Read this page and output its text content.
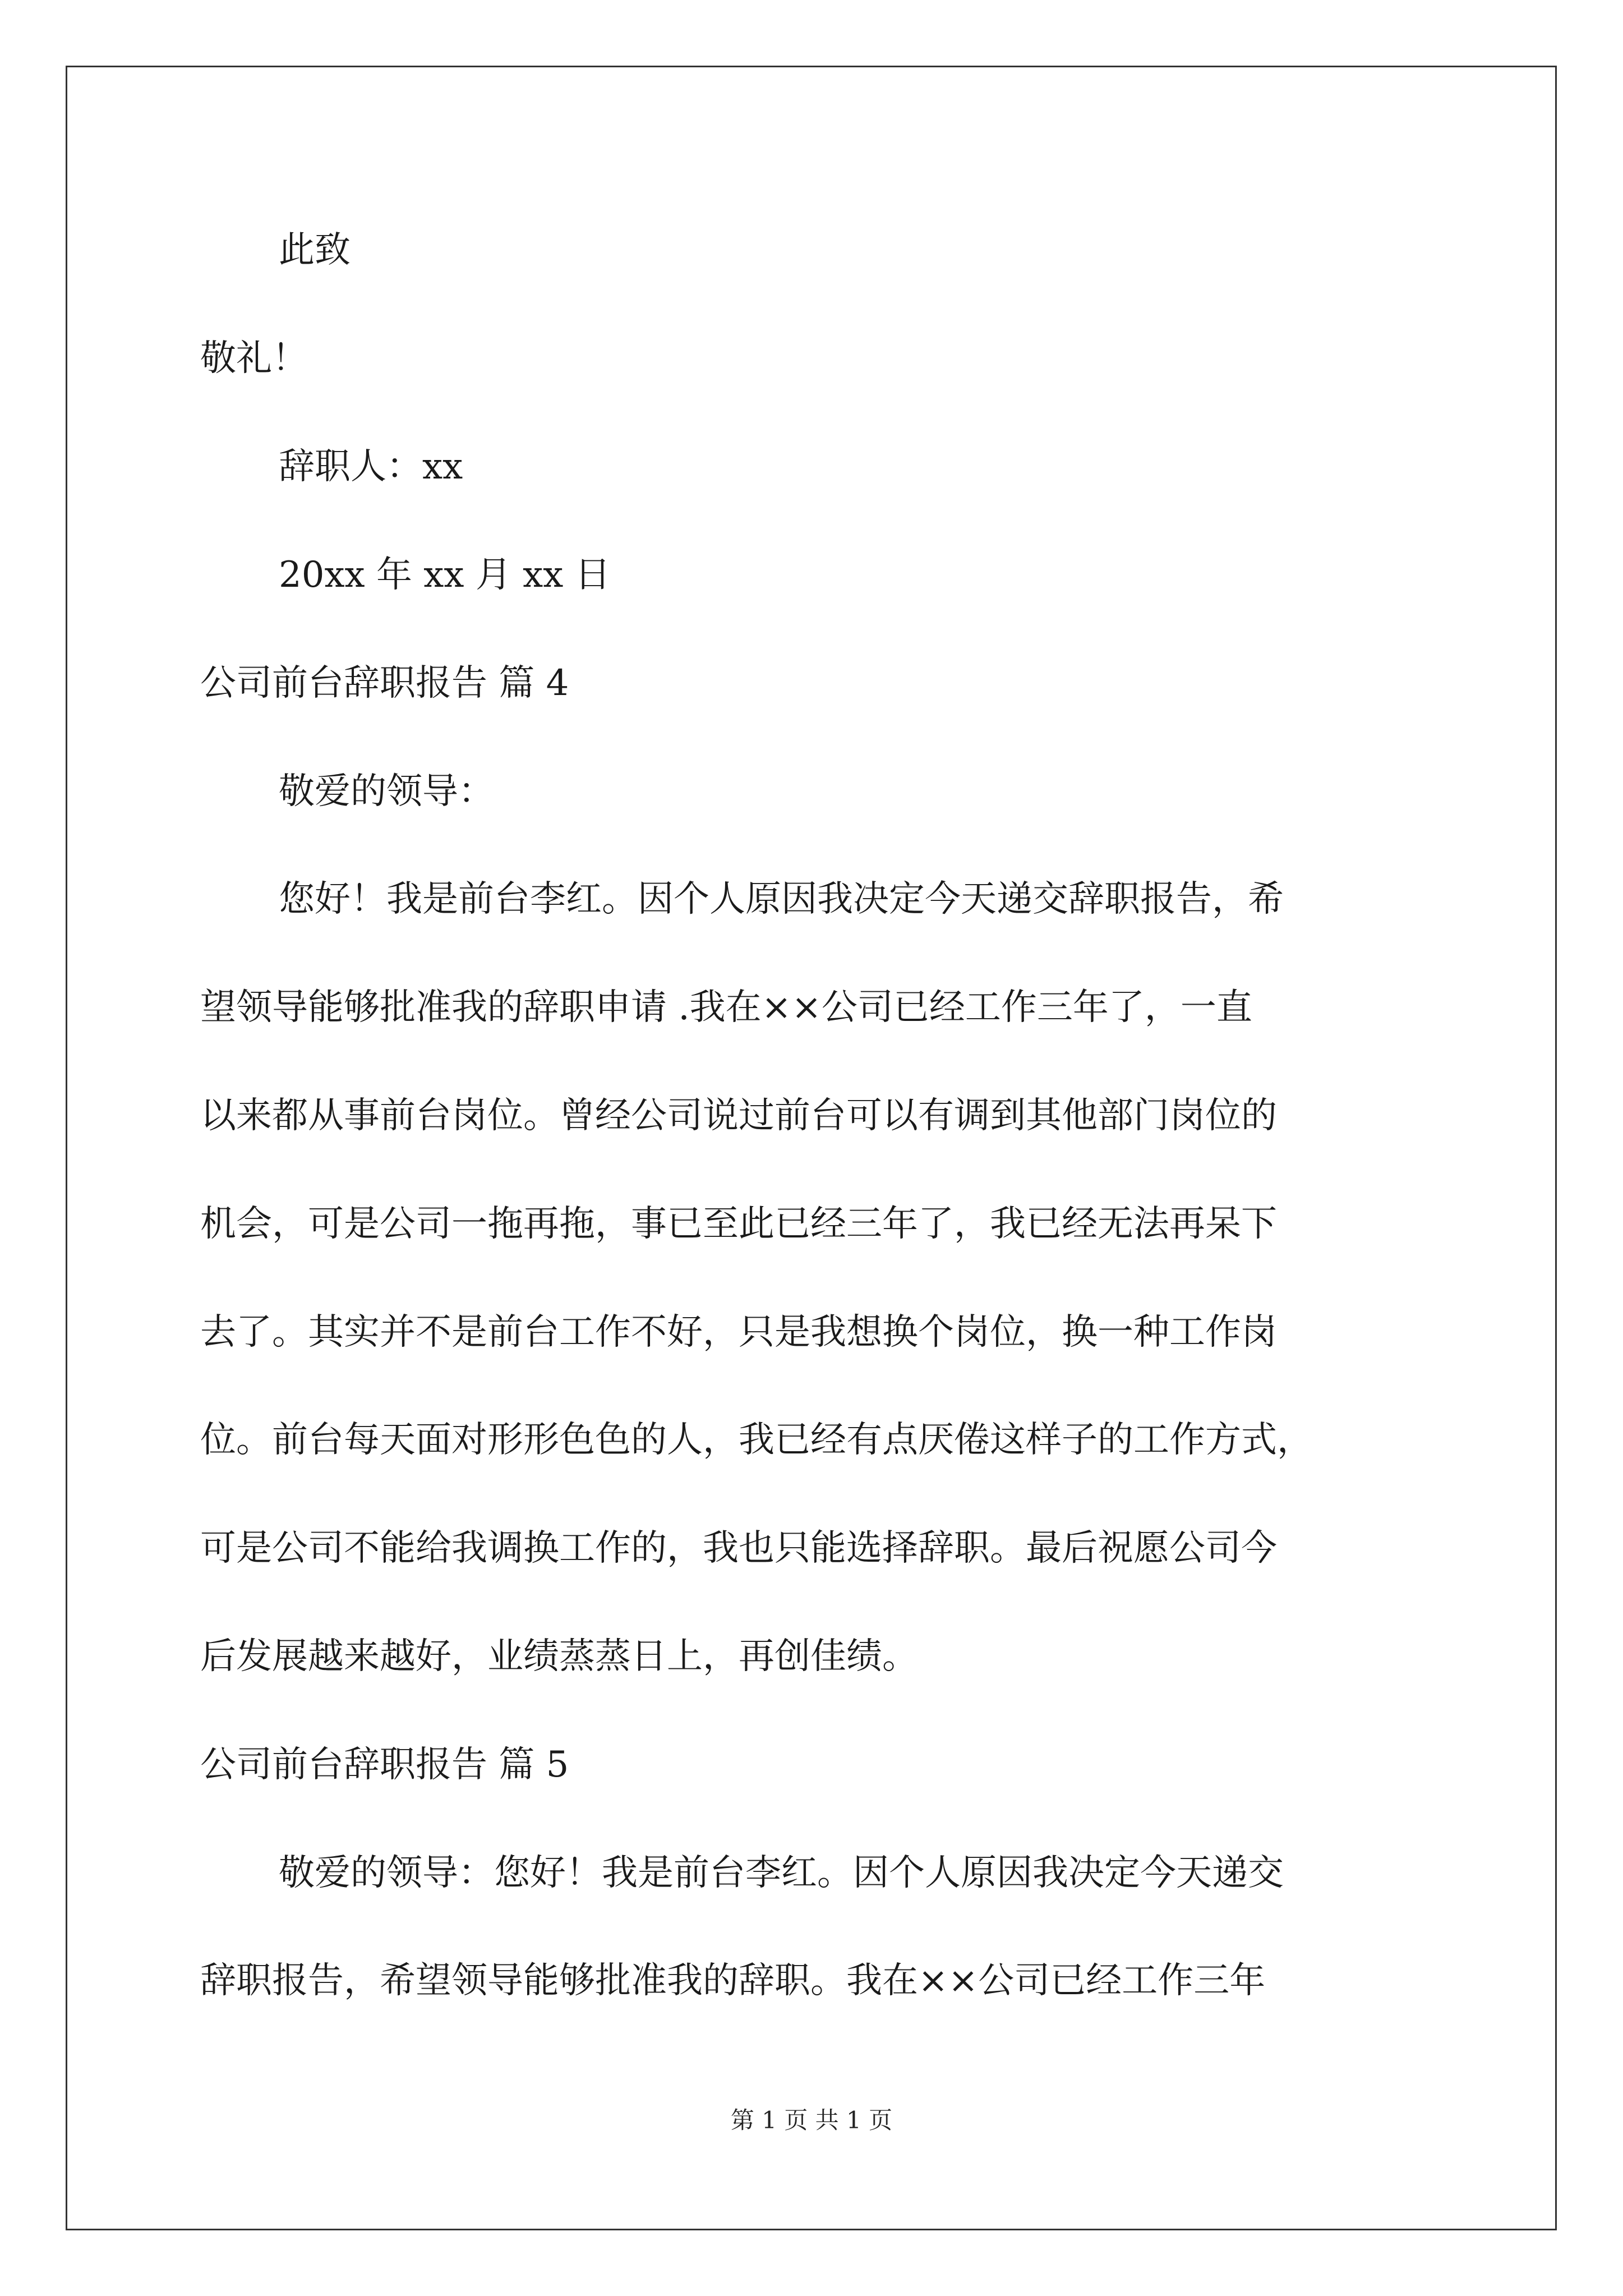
此致
敬礼！
辞职人：xx
20xx 年 xx 月 xx 日
公司前台辞职报告 篇 4
敬爱的领导：
您好！我是前台李红。因个人原因我决定今天递交辞职报告，希
望领导能够批准我的辞职申请 .我在××公司已经工作三年了，一直
以来都从事前台岗位。曾经公司说过前台可以有调到其他部门岗位的
机会，可是公司一拖再拖，事已至此已经三年了，我已经无法再呆下
去了。其实并不是前台工作不好，只是我想换个岗位，换一种工作岗
位。前台每天面对形形色色的人，我已经有点厌倦这样子的工作方式，
可是公司不能给我调换工作的，我也只能选择辞职。最后祝愿公司今
后发展越来越好，业绩蒸蒸日上，再创佳绩。
公司前台辞职报告 篇 5
敬爱的领导：您好！我是前台李红。因个人原因我决定今天递交
辞职报告，希望领导能够批准我的辞职。我在××公司已经工作三年
第 1 页 共 1 页
